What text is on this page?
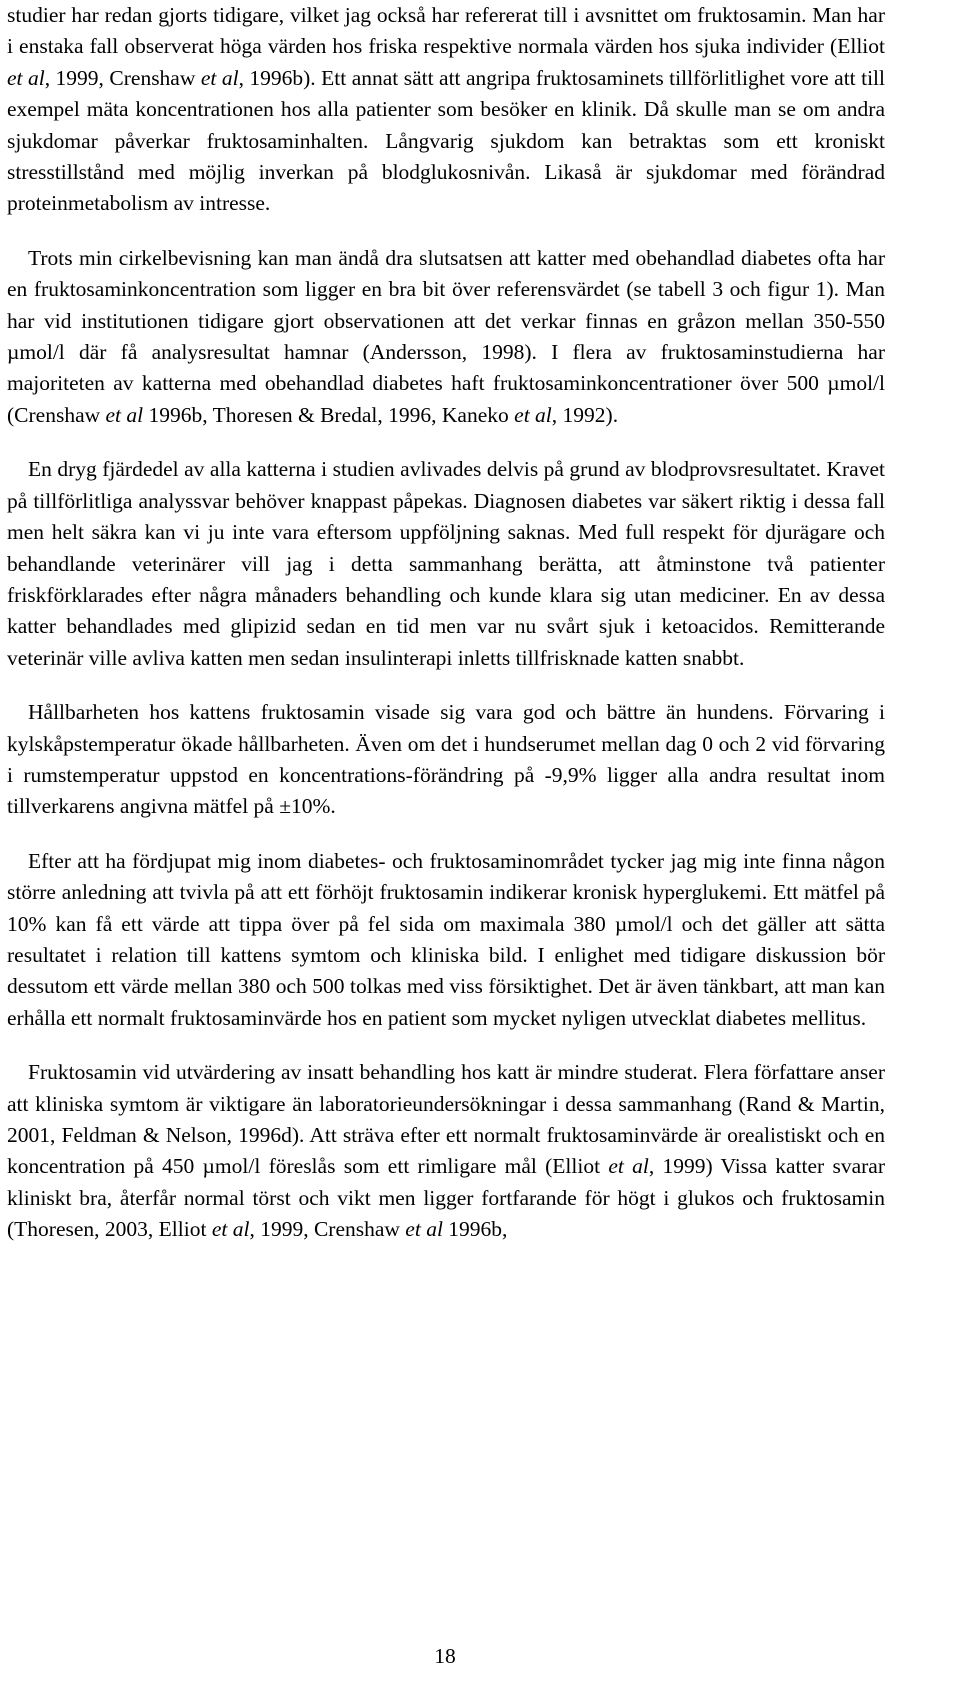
studier har redan gjorts tidigare, vilket jag också har refererat till i avsnittet om fruktosamin. Man har i enstaka fall observerat höga värden hos friska respektive normala värden hos sjuka individer (Elliot et al, 1999, Crenshaw et al, 1996b). Ett annat sätt att angripa fruktosaminets tillförlitlighet vore att till exempel mäta koncentrationen hos alla patienter som besöker en klinik. Då skulle man se om andra sjukdomar påverkar fruktosaminhalten. Långvarig sjukdom kan betraktas som ett kroniskt stresstillstånd med möjlig inverkan på blodglukosnivån. Likaså är sjukdomar med förändrad proteinmetabolism av intresse.

Trots min cirkelbevisning kan man ändå dra slutsatsen att katter med obehandlad diabetes ofta har en fruktosaminkoncentration som ligger en bra bit över referensvärdet (se tabell 3 och figur 1). Man har vid institutionen tidigare gjort observationen att det verkar finnas en gråzon mellan 350-550 µmol/l där få analysresultat hamnar (Andersson, 1998). I flera av fruktosaminstudierna har majoriteten av katterna med obehandlad diabetes haft fruktosaminkoncentrationer över 500 µmol/l (Crenshaw et al 1996b, Thoresen & Bredal, 1996, Kaneko et al, 1992).

En dryg fjärdedel av alla katterna i studien avlivades delvis på grund av blodprovsresultatet. Kravet på tillförlitliga analyssvar behöver knappast påpekas. Diagnosen diabetes var säkert riktig i dessa fall men helt säkra kan vi ju inte vara eftersom uppföljning saknas. Med full respekt för djurägare och behandlande veterinärer vill jag i detta sammanhang berätta, att åtminstone två patienter friskförklarades efter några månaders behandling och kunde klara sig utan mediciner. En av dessa katter behandlades med glipizid sedan en tid men var nu svårt sjuk i ketoacidos. Remitterande veterinär ville avliva katten men sedan insulinterapi inletts tillfrisknade katten snabbt.

Hållbarheten hos kattens fruktosamin visade sig vara god och bättre än hundens. Förvaring i kylskåpstemperatur ökade hållbarheten. Även om det i hundserumet mellan dag 0 och 2 vid förvaring i rumstemperatur uppstod en koncentrations-förändring på -9,9% ligger alla andra resultat inom tillverkarens angivna mätfel på ±10%.

Efter att ha fördjupat mig inom diabetes- och fruktosaminområdet tycker jag mig inte finna någon större anledning att tvivla på att ett förhöjt fruktosamin indikerar kronisk hyperglukemi. Ett mätfel på 10% kan få ett värde att tippa över på fel sida om maximala 380 µmol/l och det gäller att sätta resultatet i relation till kattens symtom och kliniska bild. I enlighet med tidigare diskussion bör dessutom ett värde mellan 380 och 500 tolkas med viss försiktighet. Det är även tänkbart, att man kan erhålla ett normalt fruktosaminvärde hos en patient som mycket nyligen utvecklat diabetes mellitus.

Fruktosamin vid utvärdering av insatt behandling hos katt är mindre studerat. Flera författare anser att kliniska symtom är viktigare än laboratorieundersökningar i dessa sammanhang (Rand & Martin, 2001, Feldman & Nelson, 1996d). Att sträva efter ett normalt fruktosaminvärde är orealistiskt och en koncentration på 450 µmol/l föreslås som ett rimligare mål (Elliot et al, 1999) Vissa katter svarar kliniskt bra, återfår normal törst och vikt men ligger fortfarande för högt i glukos och fruktosamin (Thoresen, 2003, Elliot et al, 1999, Crenshaw et al 1996b,

18
